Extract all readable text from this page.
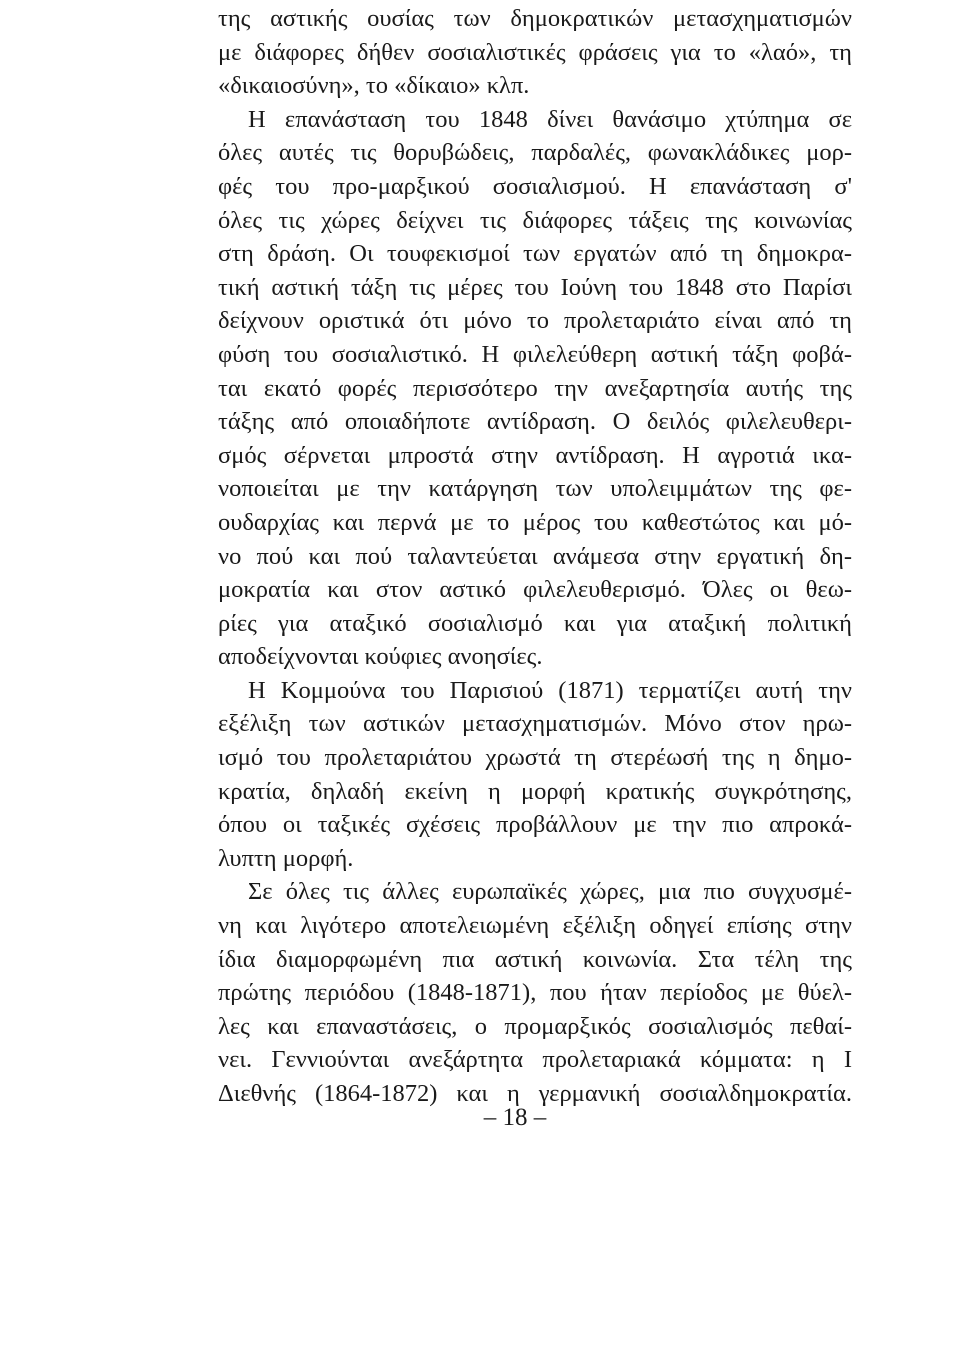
της αστικής ουσίας των δημοκρατικών μετασχηματισμών
με διάφορες δήθεν σοσιαλιστικές φράσεις για το «λαό», τη
«δικαιοσύνη», το «δίκαιο» κλπ.
Η επανάσταση του 1848 δίνει θανάσιμο χτύπημα σε
όλες αυτές τις θορυβώδεις, παρδαλές, φωνακλάδικες μορ-
φές του προ-μαρξικού σοσιαλισμού. Η επανάσταση σ'
όλες τις χώρες δείχνει τις διάφορες τάξεις της κοινωνίας
στη δράση. Οι τουφεκισμοί των εργατών από τη δημοκρα-
τική αστική τάξη τις μέρες του Ιούνη του 1848 στο Παρίσι
δείχνουν οριστικά ότι μόνο το προλεταριάτο είναι από τη
φύση του σοσιαλιστικό. Η φιλελεύθερη αστική τάξη φοβά-
ται εκατό φορές περισσότερο την ανεξαρτησία αυτής της
τάξης από οποιαδήποτε αντίδραση. Ο δειλός φιλελευθερι-
σμός σέρνεται μπροστά στην αντίδραση. Η αγροτιά ικα-
νοποιείται με την κατάργηση των υπολειμμάτων της φε-
ουδαρχίας και περνά με το μέρος του καθεστώτος και μό-
νο πού και πού ταλαντεύεται ανάμεσα στην εργατική δη-
μοκρατία και στον αστικό φιλελευθερισμό. Όλες οι θεω-
ρίες για αταξικό σοσιαλισμό και για αταξική πολιτική
αποδείχνονται κούφιες ανοησίες.
Η Κομμούνα του Παρισιού (1871) τερματίζει αυτή την
εξέλιξη των αστικών μετασχηματισμών. Μόνο στον ηρω-
ισμό του προλεταριάτου χρωστά τη στερέωσή της η δημο-
κρατία, δηλαδή εκείνη η μορφή κρατικής συγκρότησης,
όπου οι ταξικές σχέσεις προβάλλουν με την πιο απροκά-
λυπτη μορφή.
Σε όλες τις άλλες ευρωπαϊκές χώρες, μια πιο συγχυσμέ-
νη και λιγότερο αποτελειωμένη εξέλιξη οδηγεί επίσης στην
ίδια διαμορφωμένη πια αστική κοινωνία. Στα τέλη της
πρώτης περιόδου (1848-1871), που ήταν περίοδος με θύελ-
λες και επαναστάσεις, ο προμαρξικός σοσιαλισμός πεθαί-
νει. Γεννιούνται ανεξάρτητα προλεταριακά κόμματα: η Ι
Διεθνής (1864-1872) και η γερμανική σοσιαλδημοκρατία.
– 18 –
